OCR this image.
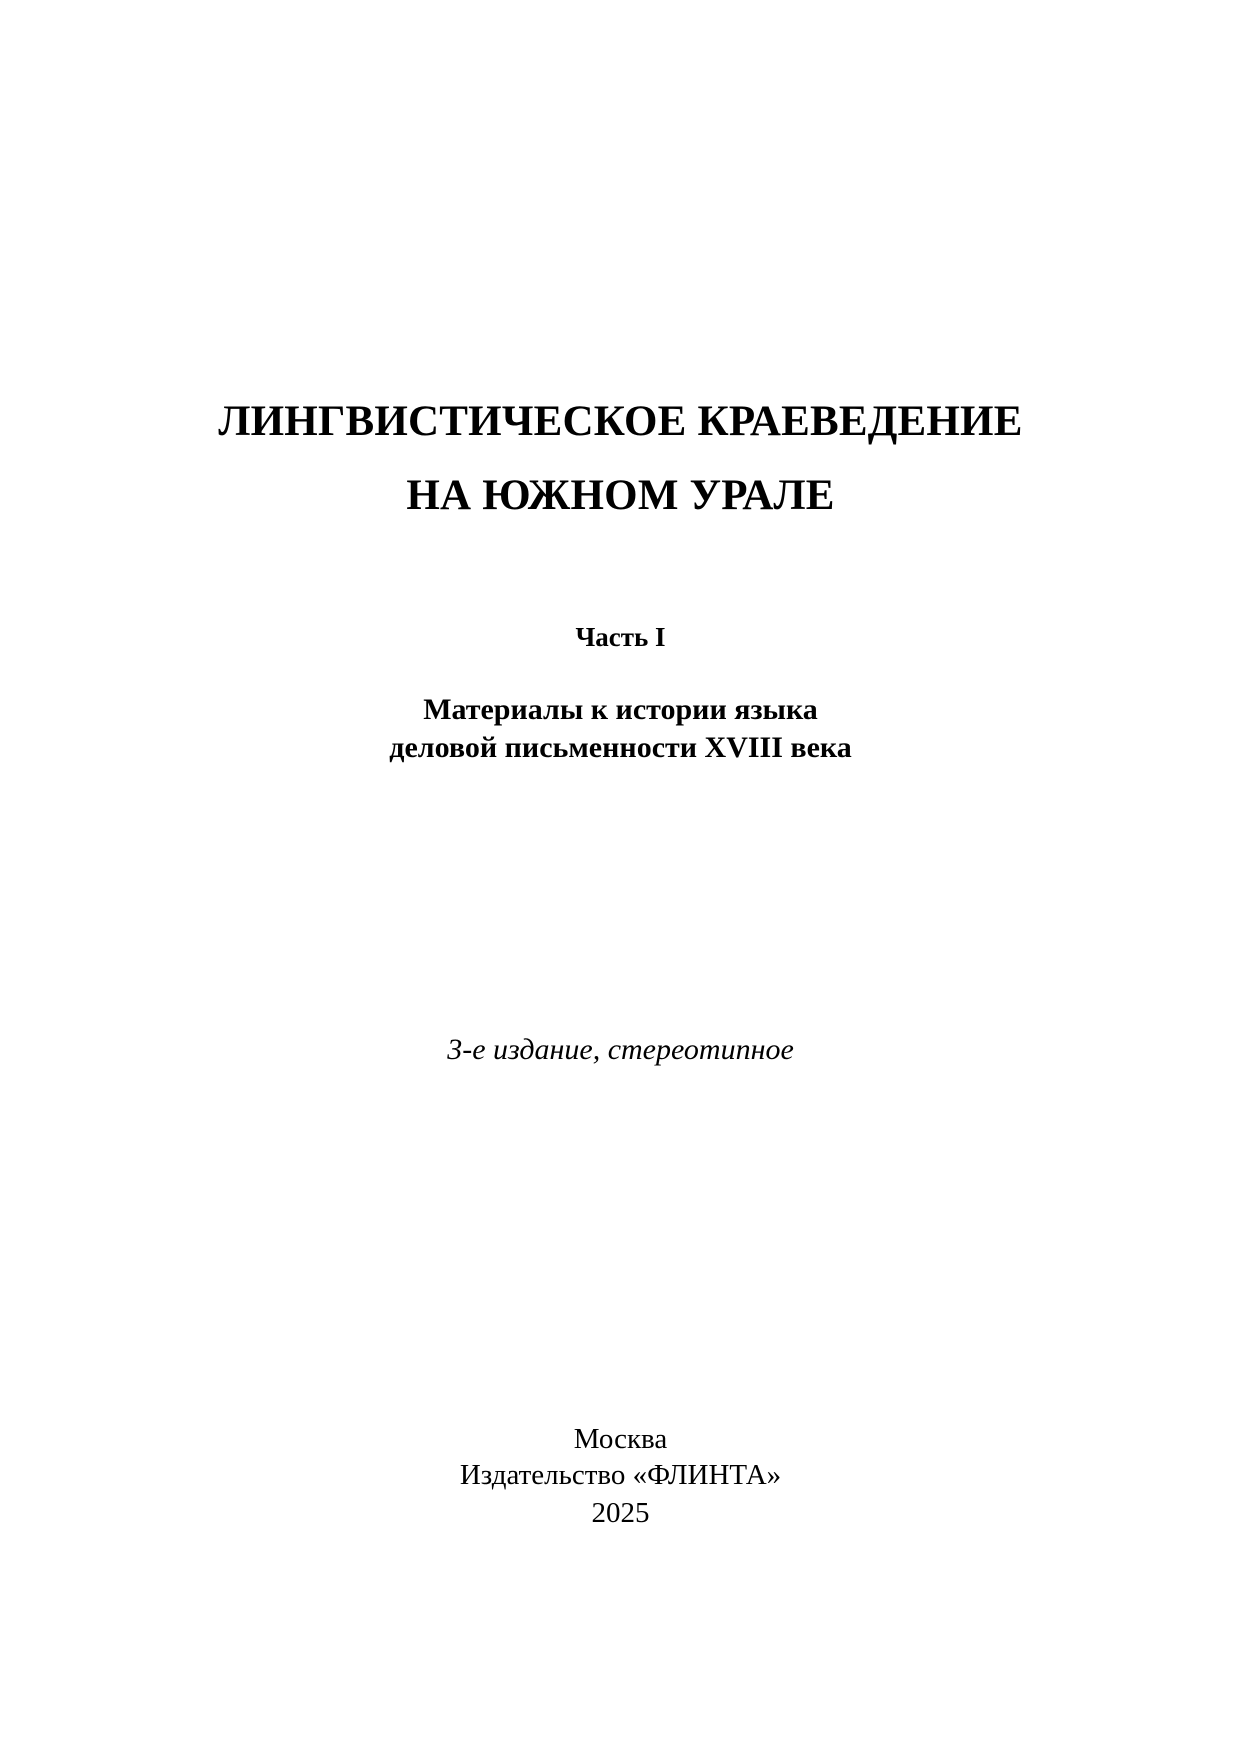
ЛИНГВИСТИЧЕСКОЕ КРАЕВЕДЕНИЕ
НА ЮЖНОМ УРАЛЕ
Часть I
Материалы к истории языка
деловой письменности XVIII века
3-е издание, стереотипное
Москва
Издательство «ФЛИНТА»
2025
